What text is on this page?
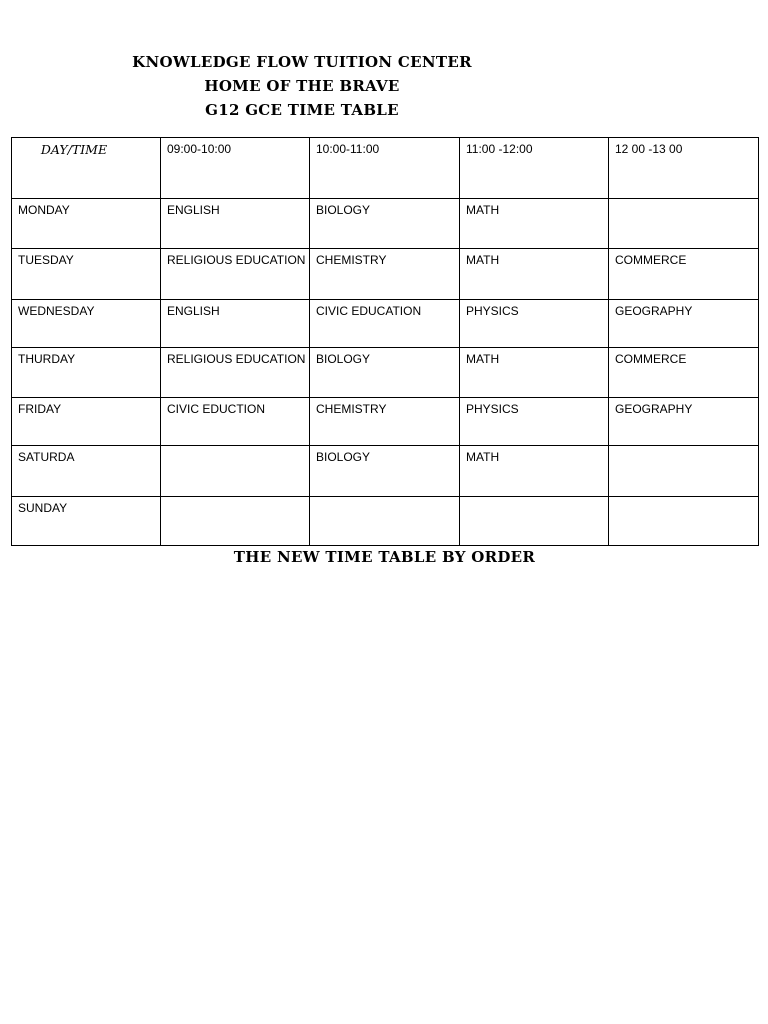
KNOWLEDGE FLOW TUITION CENTER
HOME OF THE BRAVE
G12 GCE TIME TABLE
DAY/TIME	09:00-10:00	10:00-11:00	11:00 -12:00	12 00 -13 00
MONDAY	ENGLISH	BIOLOGY	MATH	
TUESDAY	RELIGIOUS EDUCATION	CHEMISTRY	MATH	COMMERCE
WEDNESDAY	ENGLISH	CIVIC EDUCATION	PHYSICS	GEOGRAPHY
THURDAY	RELIGIOUS EDUCATION	BIOLOGY	MATH	COMMERCE
FRIDAY	CIVIC EDUCTION	CHEMISTRY	PHYSICS	GEOGRAPHY
SATURDA		BIOLOGY	MATH	
SUNDAY				
THE NEW TIME TABLE BY ORDER
